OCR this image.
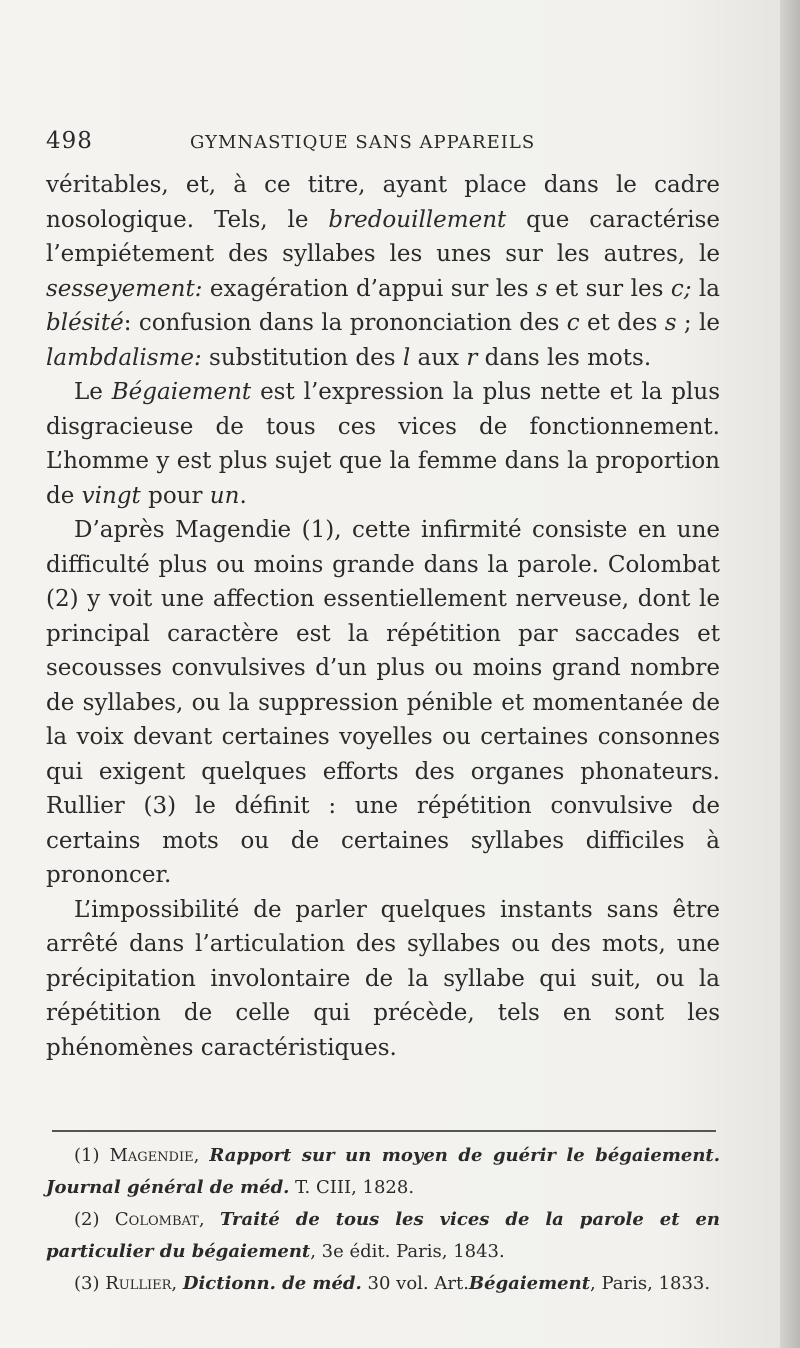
498	GYMNASTIQUE SANS APPAREILS

véritables, et, à ce titre, ayant place dans le cadre nosologique. Tels, le bredouillement que caractérise l’empiétement des syllabes les unes sur les autres, le sesseyement: exagération d’appui sur les s et sur les c; la blésité: confusion dans la prononciation des c et des s ; le lambdalisme: substitution des l aux r dans les mots.

Le Bégaiement est l’expression la plus nette et la plus disgracieuse de tous ces vices de fonctionnement. L’homme y est plus sujet que la femme dans la proportion de vingt pour un.

D’après Magendie (1), cette infirmité consiste en une difficulté plus ou moins grande dans la parole. Colombat (2) y voit une affection essentiellement nerveuse, dont le principal caractère est la répétition par saccades et secousses convulsives d’un plus ou moins grand nombre de syllabes, ou la suppression pénible et momentanée de la voix devant certaines voyelles ou certaines consonnes qui exigent quelques efforts des organes phonateurs. Rullier (3) le définit : une répétition convulsive de certains mots ou de certaines syllabes difficiles à prononcer.

L’impossibilité de parler quelques instants sans être arrêté dans l’articulation des syllabes ou des mots, une précipitation involontaire de la syllabe qui suit, ou la répétition de celle qui précède, tels en sont les phénomènes caractéristiques.

(1) Magendie, Rapport sur un moyen de guérir le bégaiement. Journal général de méd. T. CIII, 1828.

(2) Colombat, Traité de tous les vices de la parole et en particulier du bégaiement, 3e édit. Paris, 1843.

(3) Rullier, Dictionn. de méd. 30 vol. Art.Bégaiement, Paris, 1833.
